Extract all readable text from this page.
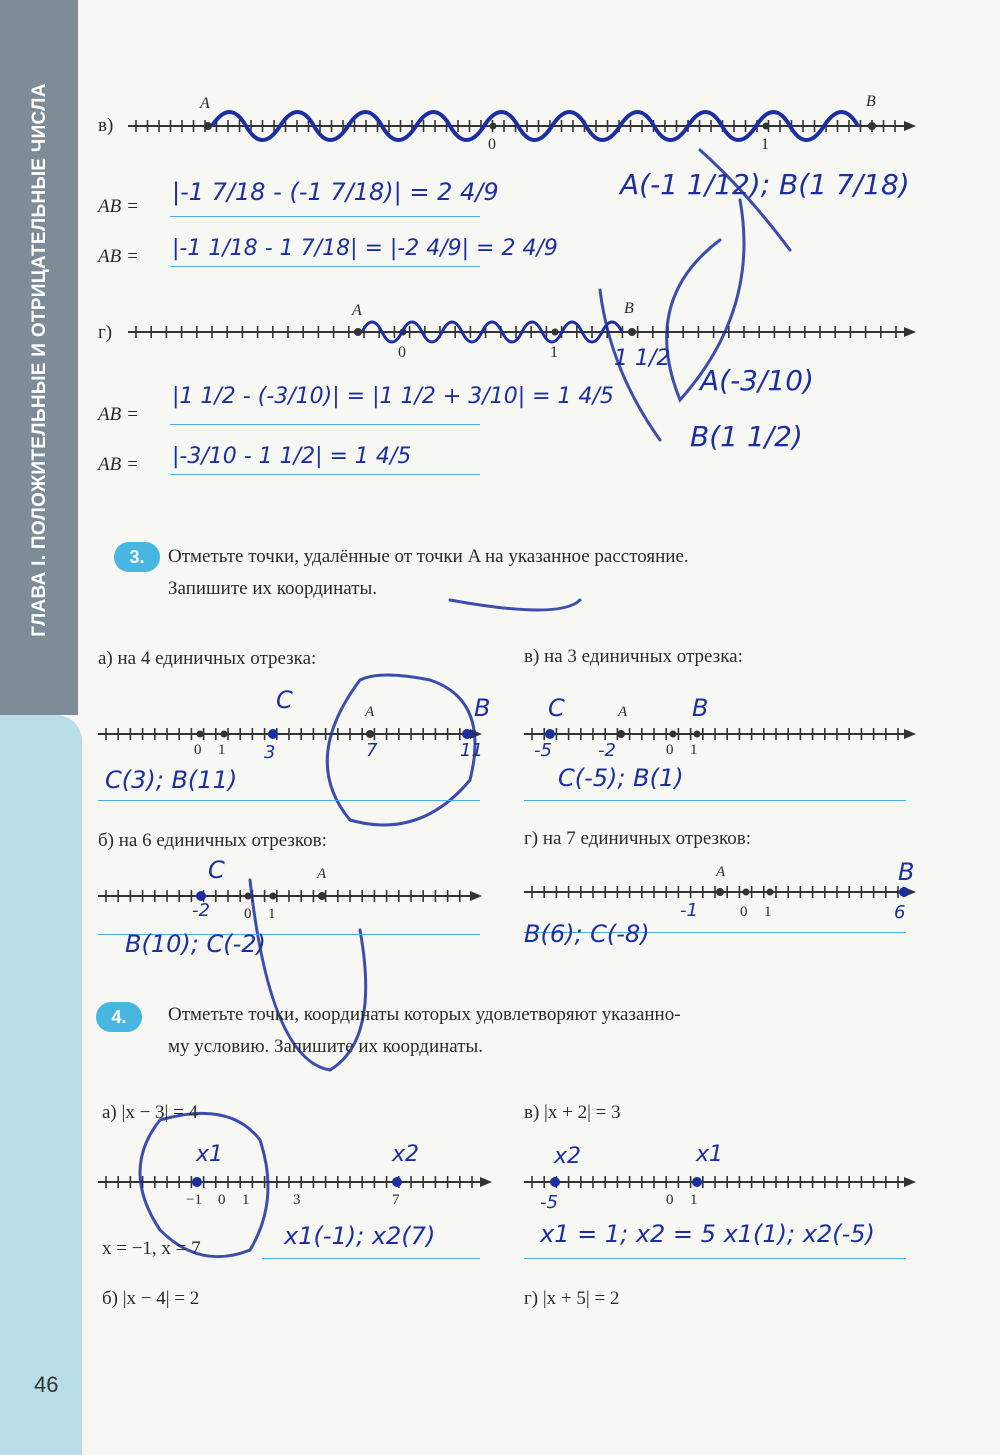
ГЛАВА I. ПОЛОЖИТЕЛЬНЫЕ И ОТРИЦАТЕЛЬНЫЕ ЧИСЛА
46
в)
A	B
0	1
AB =
|-1 7/18 - (-1 7/18)| = 2 4/9
AB = |-1 1/18 - 1 7/18| = |-2 4/9| = 2 4/9
A(-1 1/12); B(1 7/18)
г)
A	B
0	1	1 1/2
AB =
|1 1/2 - (-3/10)| = |1 1/2 + 3/10| = 1 4/5
AB = |-3/10 - 1 1/2| = 1 4/5
A(-3/10)
B(1 1/2)
3.	Отметьте точки, удалённые от точки A на указанное расстояние.
Запишите их координаты.
а) на 4 единичных отрезка:
A
0 1
C	B
3	7	11
C(3); B(11)
б) на 6 единичных отрезков:
A
0 1
C
-2
B(10); C(-2)
в) на 3 единичных отрезка:
A
0 1
C	B
-5	-2
C(-5); B(1)
г) на 7 единичных отрезков:
A
0 1
B
-1	6
B(6); C(-8)
4.	Отметьте точки, координаты которых удовлетворяют указанно-
му условию. Запишите их координаты.
а) |x − 3| = 4
−1 0 1	3	7
x1	x2
x = −1, x = 7	x1(-1); x2(7)
б) |x − 4| = 2
в) |x + 2| = 3
0 1
x2	x1
-5
x1 = 1; x2 = 5 x1(1); x2(-5)
г) |x + 5| = 2
